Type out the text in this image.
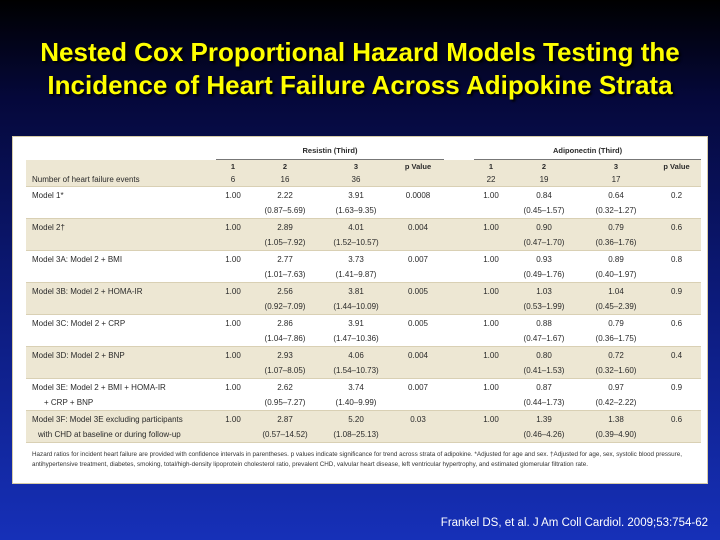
Nested Cox Proportional Hazard Models Testing the
Incidence of Heart Failure Across Adipokine Strata
	Resistin (Third)					Adiponectin (Third)			
	1	2	3	p Value		1	2	3	p Value
Number of heart failure events	6	16	36			22	19	17	
Model 1*	1.00	2.22	3.91	0.0008		1.00	0.84	0.64	0.2
		(0.87–5.69)	(1.63–9.35)				(0.45–1.57)	(0.32–1.27)	
Model 2†	1.00	2.89	4.01	0.004		1.00	0.90	0.79	0.6
		(1.05–7.92)	(1.52–10.57)				(0.47–1.70)	(0.36–1.76)	
Model 3A: Model 2 + BMI	1.00	2.77	3.73	0.007		1.00	0.93	0.89	0.8
		(1.01–7.63)	(1.41–9.87)				(0.49–1.76)	(0.40–1.97)	
Model 3B: Model 2 + HOMA-IR	1.00	2.56	3.81	0.005		1.00	1.03	1.04	0.9
		(0.92–7.09)	(1.44–10.09)				(0.53–1.99)	(0.45–2.39)	
Model 3C: Model 2 + CRP	1.00	2.86	3.91	0.005		1.00	0.88	0.79	0.6
		(1.04–7.86)	(1.47–10.36)				(0.47–1.67)	(0.36–1.75)	
Model 3D: Model 2 + BNP	1.00	2.93	4.06	0.004		1.00	0.80	0.72	0.4
		(1.07–8.05)	(1.54–10.73)				(0.41–1.53)	(0.32–1.60)	
Model 3E: Model 2 + BMI + HOMA-IR	1.00	2.62	3.74	0.007		1.00	0.87	0.97	0.9
+ CRP + BNP		(0.95–7.27)	(1.40–9.99)				(0.44–1.73)	(0.42–2.22)	
Model 3F: Model 3E excluding participants	1.00	2.87	5.20	0.03		1.00	1.39	1.38	0.6
with CHD at baseline or during follow-up		(0.57–14.52)	(1.08–25.13)				(0.46–4.26)	(0.39–4.90)	
Hazard ratios for incident heart failure are provided with confidence intervals in parentheses. p values indicate significance for trend across strata of adipokine. *Adjusted for age and sex. †Adjusted for age, sex, systolic blood pressure, antihypertensive treatment, diabetes, smoking, total/high-density lipoprotein cholesterol ratio, prevalent CHD, valvular heart disease, left ventricular hypertrophy, and estimated glomerular filtration rate.
Frankel DS, et al. J Am Coll Cardiol. 2009;53:754-62
